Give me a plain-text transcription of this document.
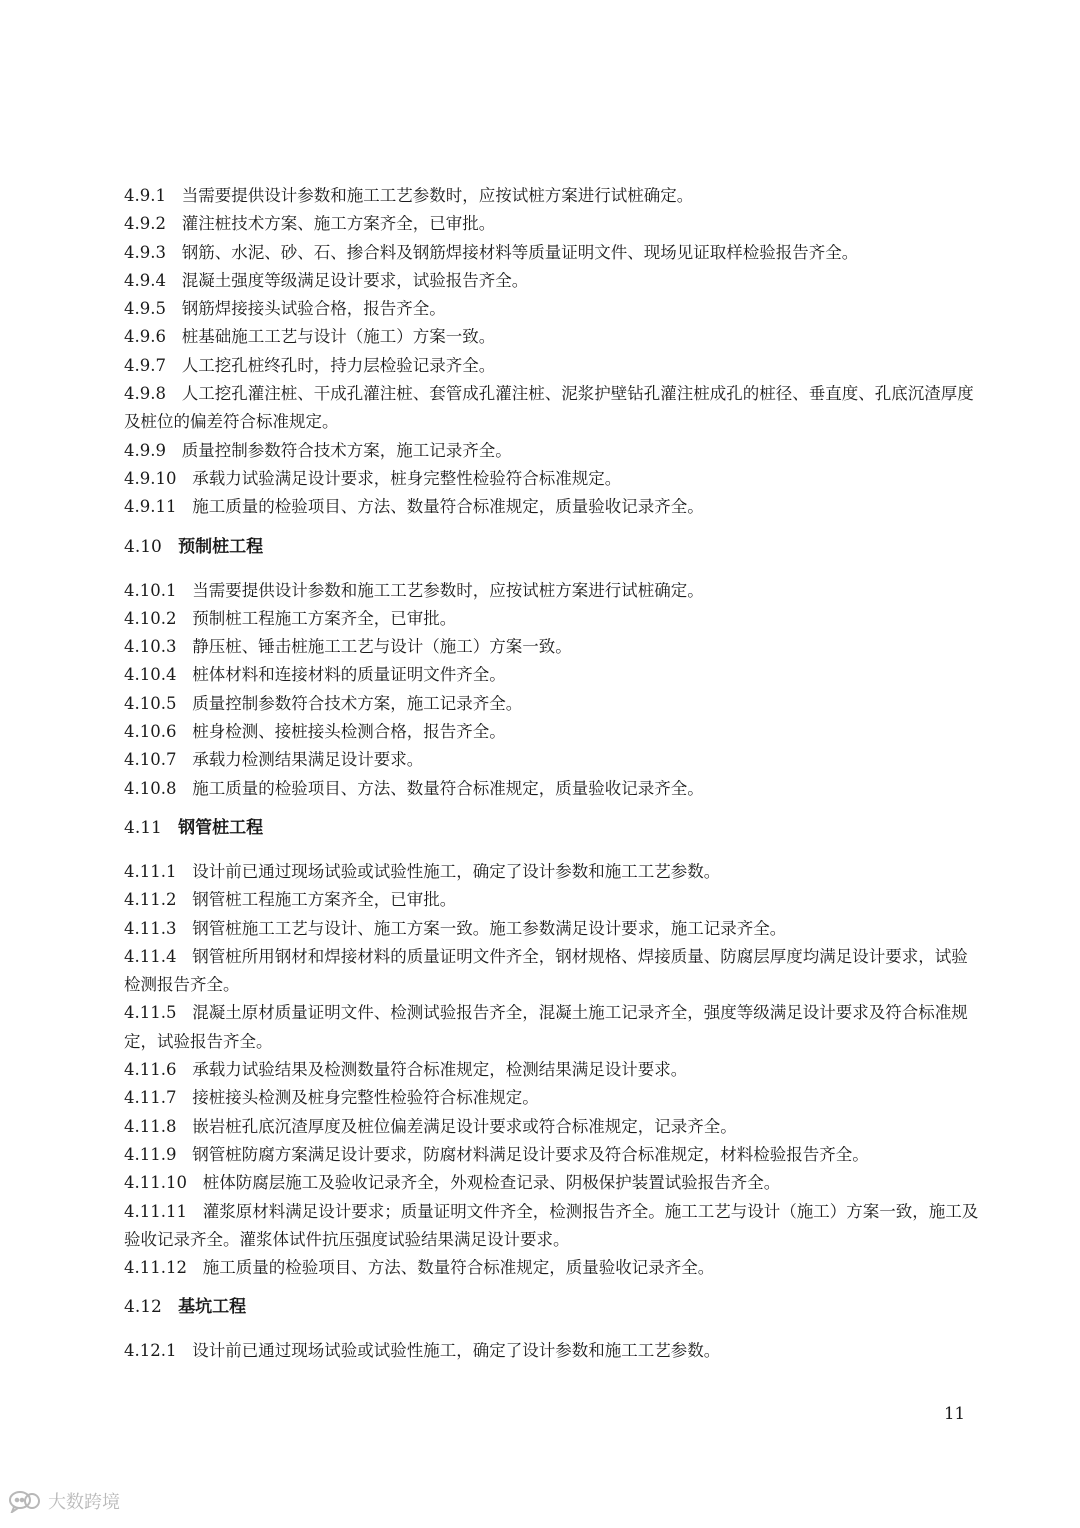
4.9.1 当需要提供设计参数和施工工艺参数时，应按试桩方案进行试桩确定。
4.9.2 灌注桩技术方案、施工方案齐全，已审批。
4.9.3 钢筋、水泥、砂、石、掺合料及钢筋焊接材料等质量证明文件、现场见证取样检验报告齐全。
4.9.4 混凝土强度等级满足设计要求，试验报告齐全。
4.9.5 钢筋焊接接头试验合格，报告齐全。
4.9.6 桩基础施工工艺与设计（施工）方案一致。
4.9.7 人工挖孔桩终孔时，持力层检验记录齐全。
4.9.8 人工挖孔灌注桩、干成孔灌注桩、套管成孔灌注桩、泥浆护壁钻孔灌注桩成孔的桩径、垂直度、孔底沉渣厚度及桩位的偏差符合标准规定。
4.9.9 质量控制参数符合技术方案，施工记录齐全。
4.9.10 承载力试验满足设计要求，桩身完整性检验符合标准规定。
4.9.11 施工质量的检验项目、方法、数量符合标准规定，质量验收记录齐全。
4.10 预制桩工程
4.10.1 当需要提供设计参数和施工工艺参数时，应按试桩方案进行试桩确定。
4.10.2 预制桩工程施工方案齐全，已审批。
4.10.3 静压桩、锤击桩施工工艺与设计（施工）方案一致。
4.10.4 桩体材料和连接材料的质量证明文件齐全。
4.10.5 质量控制参数符合技术方案，施工记录齐全。
4.10.6 桩身检测、接桩接头检测合格，报告齐全。
4.10.7 承载力检测结果满足设计要求。
4.10.8 施工质量的检验项目、方法、数量符合标准规定，质量验收记录齐全。
4.11 钢管桩工程
4.11.1 设计前已通过现场试验或试验性施工，确定了设计参数和施工工艺参数。
4.11.2 钢管桩工程施工方案齐全，已审批。
4.11.3 钢管桩施工工艺与设计、施工方案一致。施工参数满足设计要求，施工记录齐全。
4.11.4 钢管桩所用钢材和焊接材料的质量证明文件齐全，钢材规格、焊接质量、防腐层厚度均满足设计要求，试验检测报告齐全。
4.11.5 混凝土原材质量证明文件、检测试验报告齐全，混凝土施工记录齐全，强度等级满足设计要求及符合标准规定，试验报告齐全。
4.11.6 承载力试验结果及检测数量符合标准规定，检测结果满足设计要求。
4.11.7 接桩接头检测及桩身完整性检验符合标准规定。
4.11.8 嵌岩桩孔底沉渣厚度及桩位偏差满足设计要求或符合标准规定，记录齐全。
4.11.9 钢管桩防腐方案满足设计要求，防腐材料满足设计要求及符合标准规定，材料检验报告齐全。
4.11.10 桩体防腐层施工及验收记录齐全，外观检查记录、阴极保护装置试验报告齐全。
4.11.11 灌浆原材料满足设计要求；质量证明文件齐全，检测报告齐全。施工工艺与设计（施工）方案一致，施工及验收记录齐全。灌浆体试件抗压强度试验结果满足设计要求。
4.11.12 施工质量的检验项目、方法、数量符合标准规定，质量验收记录齐全。
4.12 基坑工程
4.12.1 设计前已通过现场试验或试验性施工，确定了设计参数和施工工艺参数。
11
大数跨境
